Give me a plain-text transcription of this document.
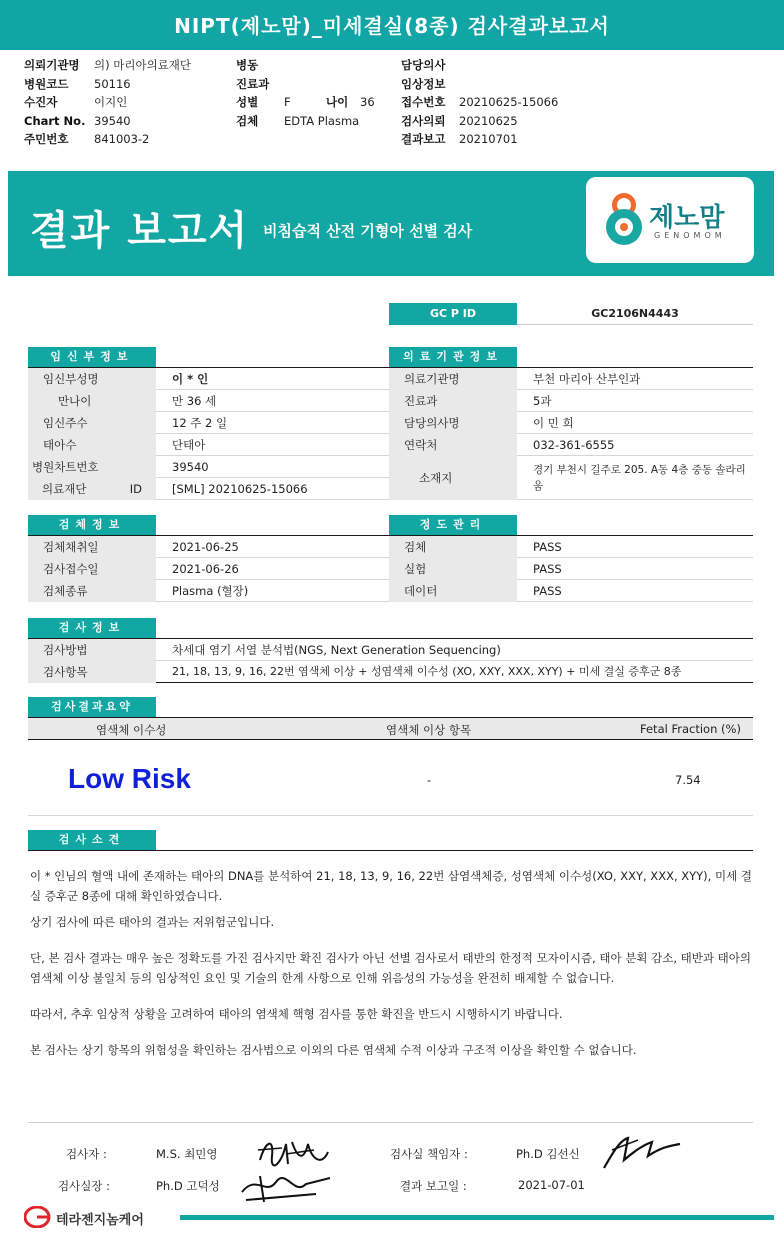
NIPT(제노맘)_미세결실(8종) 검사결과보고서
의뢰기관명 의) 마리아의료재단
병원코드 50116
수진자	이지인
Chart No. 39540
주민번호 841003-2
병동
진료과
성별 F	나이 36
검체 EDTA Plasma
담당의사
임상정보
접수번호 20210625-15066
검사의뢰 20210625
결과보고 20210701
결과 보고서 비침습적 산전 기형아 선별 검사	제노맘
GENOMOM
GC P ID	GC2106N4443
임신부정보
임신부성명	이 * 인
만나이	만 36 세
임신주수	12 주 2 일
태아수	단태아
병원차트번호	39540
의료재단 ID	[SML] 20210625-15066
의료기관정보
의료기관명	부천 마리아 산부인과
진료과	5과
담당의사명	이 민 희
연락처	032-361-6555
소재지
경기 부천시 길주로 205. A동 4층 중동 솔라리움
검체정보
검체채취일	2021-06-25
검사접수일	2021-06-26
검체종류	Plasma (혈장)
정도관리
검체	PASS
실험	PASS
데이터	PASS
검사정보
검사방법	차세대 염기 서열 분석법(NGS, Next Generation Sequencing)
검사항목	21, 18, 13, 9, 16, 22번 염색체 이상 + 성염색체 이수성 (XO, XXY, XXX, XYY) + 미세 결실 증후군 8종
검사결과요약
염색체 이수성	염색체 이상 항목	Fetal Fraction (%)
Low Risk	-	7.54
검사소견
이 * 인님의 혈액 내에 존재하는 태아의 DNA를 분석하여 21, 18, 13, 9, 16, 22번 삼염색체증, 성염색체 이수성(XO, XXY, XXX, XYY), 미세 결실 증후군 8종에 대해 확인하였습니다.
상기 검사에 따른 태아의 결과는 저위험군입니다.
단, 본 검사 결과는 매우 높은 정확도를 가진 검사지만 확진 검사가 아닌 선별 검사로서 태반의 한정적 모자이시즘, 태아 분획 감소, 태반과 태아의 염색체 이상 불일치 등의 임상적인 요인 및 기술의 한계 사항으로 인해 위음성의 가능성을 완전히 배제할 수 없습니다.
따라서, 추후 임상적 상황을 고려하여 태아의 염색체 핵형 검사를 통한 확진을 반드시 시행하시기 바랍니다.
본 검사는 상기 항목의 위험성을 확인하는 검사법으로 이외의 다른 염색체 수적 이상과 구조적 이상을 확인할 수 없습니다.
검사자 :	M.S. 최민영
검사실장 :	Ph.D 고덕성
검사실 책임자 :	Ph.D 김선신
결과 보고일 :	2021-07-01
테라젠지놈케어
